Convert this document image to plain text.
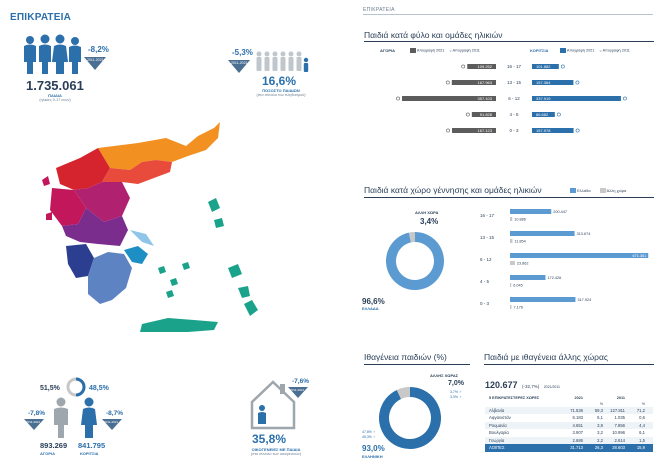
ΕΠΙΚΡΑΤΕΙΑ
ΕΠΙΚΡΑΤΕΙΑ
-8,2%
2011-2021
1.735.061
ΠΑΙΔΙΑ
(ηλικίες 0-17 ετών)
-5,3%
2011-2021
16,6%
ΠΟΣΟΣΤΟ ΠΑΙΔΙΩΝ
(στο σύνολο του πληθυσμού)
51,5%	48,5%
-7,8%
2011-2021
-8,7%
2011-2021
893.269
ΑΓΟΡΙΑ
841.795
ΚΟΡΙΤΣΙΑ
-7,6%
2011-2021
35,8%
ΟΙΚΟΓΕΝΕΙΕΣ ΜΕ ΠΑΙΔΙΑ
(στο σύνολο των οικογενειών)
Παιδιά κατά φύλο και ομάδες ηλικιών
ΑΓΟΡΙΑ	Απογραφή 2021 ○ Απογραφή 2011	ΚΟΡΙΤΣΙΑ	Απογραφή 2021 ○ Απογραφή 2011
109.252	16 - 17	101.882
167.963	13 - 15	157.364
357.103	6 - 12	337.919
91.828	4 - 5	86.682
167.123	0 - 3	157.978
Παιδιά κατά χώρο γέννησης και ομάδες ηλικιών	Ελλάδα	Άλλη χώρα
ΑΛΛΗ ΧΩΡΑ
3,4%
96,6%
ΕΛΛΑΔΑ
16 - 17
200.447
10.886
13 - 15
313.674
11.854
6 - 12
671.361
23.862
4 - 5
172.426
6.045
0 - 3
317.924
7.176
Ιθαγένεια παιδιών (%)
ΑΛΛΗΣ ΧΩΡΑΣ
7,0%
3,7% ♂
3,3% ♀
47,8% ♂
45,3% ♀
93,0%
ΕΛΛΗΝΙΚΗ
Παιδιά με ιθαγένεια άλλης χώρας
120.677 (-32,7%) 2021/2011
5 ΕΠΙΚΡΑΤΕΣΤΕΡΕΣ ΧΩΡΕΣ	2021	2011
%	%
Αλβανία	71.536	59,3	127.811	71,2
Αφγανιστάν	6.183	5,1	1.035	0,6
Ρουμανία	4.651	3,9	7.856	4,4
Βουλγαρία	3.907	3,2	10.996	6,1
Γεωργία	2.686	2,2	2.614	1,5
ΛΟΙΠΕΣ	31.713	26,3	28.603	15,9
